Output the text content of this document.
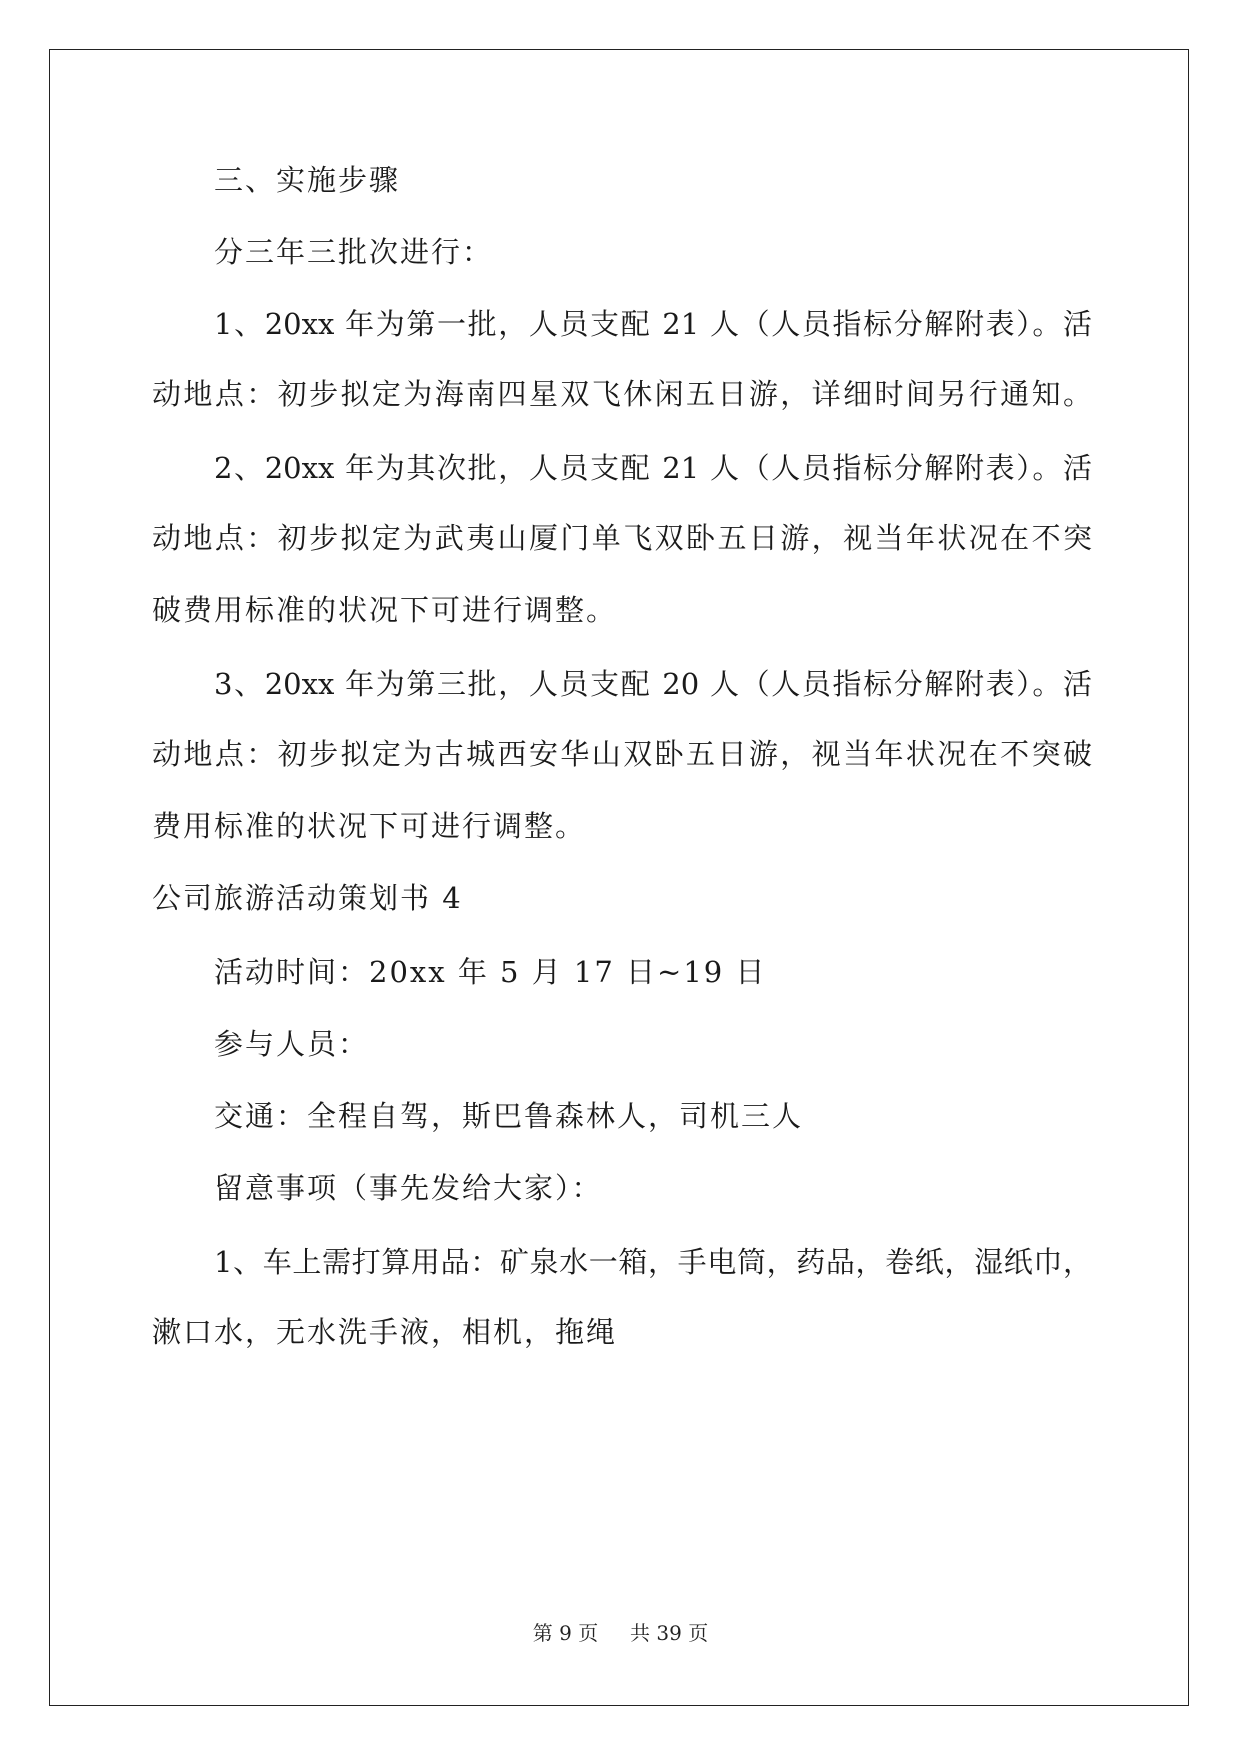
三、实施步骤

分三年三批次进行：

1、20xx 年为第一批，人员支配 21 人（人员指标分解附表）。活

动地点：初步拟定为海南四星双飞休闲五日游，详细时间另行通知。

2、20xx 年为其次批，人员支配 21 人（人员指标分解附表）。活

动地点：初步拟定为武夷山厦门单飞双卧五日游，视当年状况在不突

破费用标准的状况下可进行调整。

3、20xx 年为第三批，人员支配 20 人（人员指标分解附表）。活

动地点：初步拟定为古城西安华山双卧五日游，视当年状况在不突破

费用标准的状况下可进行调整。

公司旅游活动策划书 4

活动时间：20xx 年 5 月 17 日~19 日

参与人员：

交通：全程自驾，斯巴鲁森林人，司机三人

留意事项（事先发给大家）：

1、车上需打算用品：矿泉水一箱，手电筒，药品，卷纸，湿纸巾，

漱口水，无水洗手液，相机，拖绳

第 9 页 共 39 页
